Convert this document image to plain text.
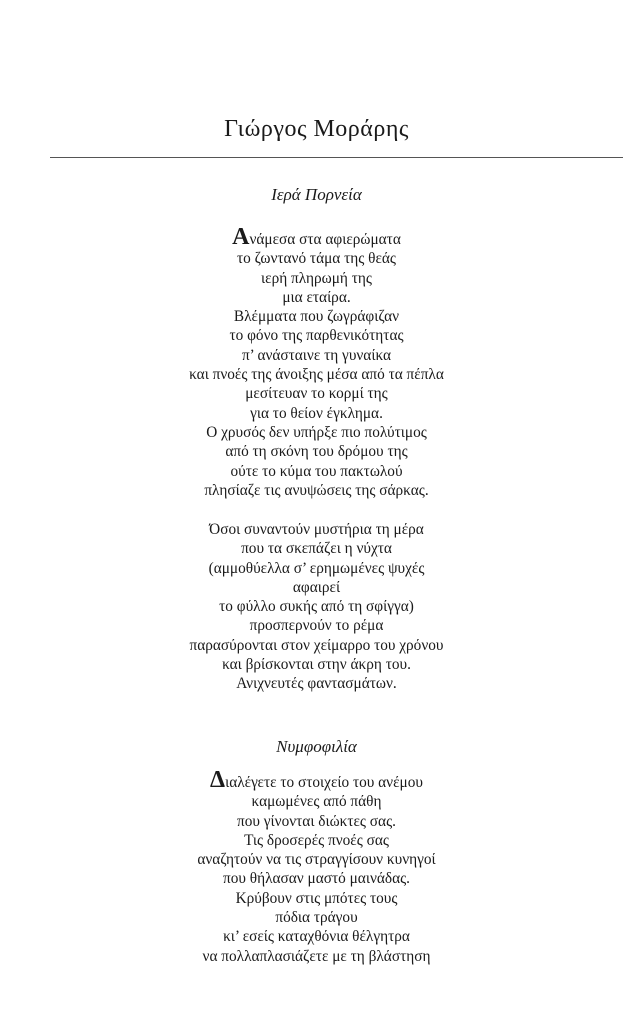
Γιώργος Μοράρης
Ιερά Πορνεία
Ανάμεσα στα αφιερώματα
το ζωντανό τάμα της θεάς
ιερή πληρωμή της
μια εταίρα.
Βλέμματα που ζωγράφιζαν
το φόνο της παρθενικότητας
π’ ανάσταινε τη γυναίκα
και πνοές της άνοιξης μέσα από τα πέπλα
μεσίτευαν το κορμί της
για το θείον έγκλημα.
Ο χρυσός δεν υπήρξε πιο πολύτιμος
από τη σκόνη του δρόμου της
ούτε το κύμα του πακτωλού
πλησίαζε τις ανυψώσεις της σάρκας.
Όσοι συναντούν μυστήρια τη μέρα
που τα σκεπάζει η νύχτα
(αμμοθύελλα σ’ ερημωμένες ψυχές
αφαιρεί
το φύλλο συκής από τη σφίγγα)
προσπερνούν το ρέμα
παρασύρονται στον χείμαρρο του χρόνου
και βρίσκονται στην άκρη του.
Ανιχνευτές φαντασμάτων.
Νυμφοφιλία
Διαλέγετε το στοιχείο του ανέμου
καμωμένες από πάθη
που γίνονται διώκτες σας.
Τις δροσερές πνοές σας
αναζητούν να τις στραγγίσουν κυνηγοί
που θήλασαν μαστό μαινάδας.
Κρύβουν στις μπότες τους
πόδια τράγου
κι’ εσείς καταχθόνια θέλγητρα
να πολλαπλασιάζετε με τη βλάστηση
